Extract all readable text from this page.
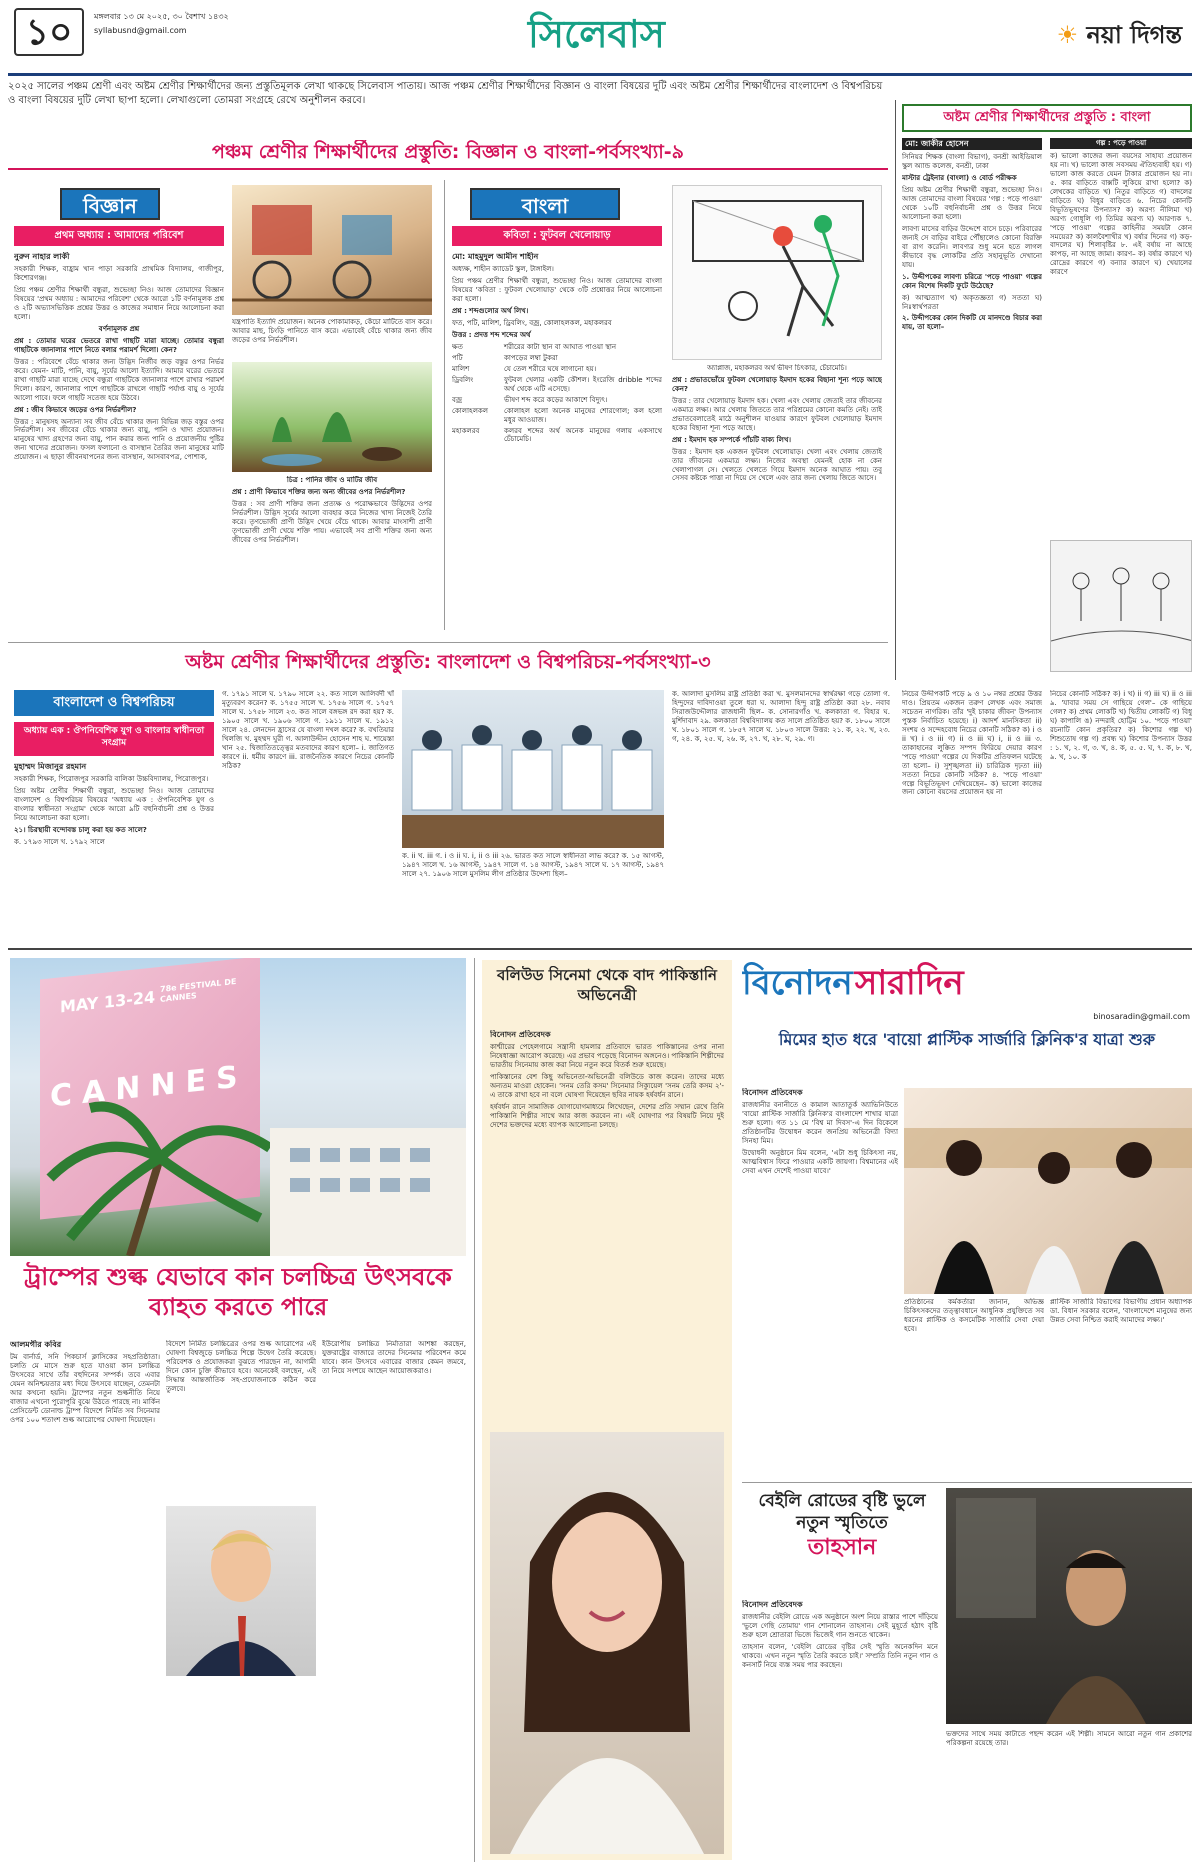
১০	মঙ্গলবার ১৩ মে ২০২৫, ৩০ বৈশাখ ১৪৩২
syllabusnd@gmail.com	সিলেবাস	☀ নয়া দিগন্ত
২০২৫ সালের পঞ্চম শ্রেণী এবং অষ্টম শ্রেণীর শিক্ষার্থীদের জন্য প্রস্তুতিমূলক লেখা থাকছে সিলেবাস পাতায়। আজ পঞ্চম শ্রেণীর শিক্ষার্থীদের বিজ্ঞান ও বাংলা বিষয়ের দুটি এবং অষ্টম শ্রেণীর শিক্ষার্থীদের বাংলাদেশ ও বিশ্বপরিচয় ও বাংলা বিষয়ের দুটি লেখা ছাপা হলো। লেখাগুলো তোমরা সংগ্রহে রেখে অনুশীলন করবে।
পঞ্চম শ্রেণীর শিক্ষার্থীদের প্রস্তুতি: বিজ্ঞান ও বাংলা-পর্বসংখ্যা-৯
বিজ্ঞান
প্রথম অধ্যায় : আমাদের পরিবেশ

নুরুন নাহার লাকী

সহকারী শিক্ষক, বাহ্রাম খান পাড়া সরকারি প্রাথমিক বিদ্যালয়, গাজীপুর, কিশোরগঞ্জ।

প্রিয় পঞ্চম শ্রেণীর শিক্ষার্থী বন্ধুরা, শুভেচ্ছা নিও। আজ তোমাদের বিজ্ঞান বিষয়ের 'প্রথম অধ্যায় : আমাদের পরিবেশ' থেকে আরো ১টি বর্ণনামূলক প্রশ্ন ও ২টি অভ্যাসভিত্তিক প্রশ্নের উত্তর ও কাজের সমাধান নিয়ে আলোচনা করা হলো।

বর্ণনামূলক প্রশ্ন

প্রশ্ন : তোমার ঘরের ভেতরে রাখা গাছটি মারা যাচ্ছে। তোমার বন্ধুরা গাছটিকে জানালার পাশে নিতে বলার পরামর্শ দিলো। কেন?

উত্তর : পরিবেশে বেঁচে থাকার জন্য উদ্ভিদ নির্জীব জড় বস্তুর ওপর নির্ভর করে। যেমন- মাটি, পানি, বায়ু, সূর্যের আলো ইত্যাদি। আমার ঘরের ভেতরে রাখা গাছটি মারা যাচ্ছে দেখে বন্ধুরা গাছটিকে জানালার পাশে রাখার পরামর্শ দিলো। কারণ, জানালার পাশে গাছটিকে রাখলে গাছটি পর্যাপ্ত বায়ু ও সূর্যের আলো পাবে। ফলে গাছটি সতেজ হয়ে উঠবে।

প্রশ্ন : জীব কিভাবে জড়ের ওপর নির্ভরশীল?

উত্তর : মানুষসহ অন্যান্য সব জীব বেঁচে থাকার জন্য বিভিন্ন জড় বস্তুর ওপর নির্ভরশীল। সব জীবের বেঁচে থাকার জন্য বায়ু, পানি ও খাদ্য প্রয়োজন। মানুষের খাদ্য গ্রহণের জন্য বায়ু, পান করার জন্য পানি ও প্রয়োজনীয় পুষ্টির জন্য খাদ্যের প্রয়োজন। ফসল ফলানো ও বাসস্থান তৈরির জন্য মানুষের মাটি প্রয়োজন। এ ছাড়া জীবনযাপনের জন্য বাসস্থান, আসবাবপত্র, পোশাক,

যন্ত্রপাতি ইত্যাদি প্রয়োজন। অনেক পোকামাকড়, কেঁচো মাটিতে বাস করে। আবার মাছ, চিংড়ি পানিতে বাস করে। এভাবেই বেঁচে থাকার জন্য জীব জড়ের ওপর নির্ভরশীল।

চিত্র : পানির জীব ও মাটির জীব

প্রশ্ন : প্রাণী কিভাবে শক্তির জন্য অন্য জীবের ওপর নির্ভরশীল?

উত্তর : সব প্রাণী শক্তির জন্য প্রত্যক্ষ ও পরোক্ষভাবে উদ্ভিদের ওপর নির্ভরশীল। উদ্ভিদ সূর্যের আলো ব্যবহার করে নিজের খাদ্য নিজেই তৈরি করে। তৃণভোজী প্রাণী উদ্ভিদ খেয়ে বেঁচে থাকে। আবার মাংসাশী প্রাণী তৃণভোজী প্রাণী খেয়ে শক্তি পায়। এভাবেই সব প্রাণী শক্তির জন্য অন্য জীবের ওপর নির্ভরশীল।

বাংলা
কবিতা : ফুটবল খেলোয়াড়

মো: মাহমুদুল আমীন শাহীন

অধ্যক্ষ, শাহীন ক্যাডেট স্কুল, টাঙ্গাইল।

প্রিয় পঞ্চম শ্রেণীর শিক্ষার্থী বন্ধুরা, শুভেচ্ছা নিও। আজ তোমাদের বাংলা বিষয়ের 'কবিতা : ফুটবল খেলোয়াড়' থেকে ৩টি প্রশ্নোত্তর নিয়ে আলোচনা করা হলো।

প্রশ্ন : শব্দগুলোর অর্থ লিখ।

ফত, পটি, মালিশ, ড্রিবলিং, বজ্র, কোলাহলকল, মহাকলরব

উত্তর : প্রদত্ত শব্দ শব্দের অর্থ

ক্ষত	শরীরের কাটা স্থান বা আঘাত পাওয়া স্থান
পটি	কাপড়ের লম্বা টুকরা
মালিশ	যে তেল শরীরে ঘষে লাগানো হয়।
ড্রিবলিং	ফুটবল খেলার একটি কৌশল। ইংরেজি dribble শব্দের অর্থ থেকে এটি এসেছে।
বজ্র	ভীষণ শব্দ করে কড়ের আকাশে বিদ্যুৎ।
কোলাহলকল	কোলাহল হলো অনেক মানুষের শোরগোল; কল হলো মধুর আওয়াজ।
মহাকলরব	কলরব শব্দের অর্থ অনেক মানুষের গলায় একসাথে চেঁচামেচি।

অ্যাপ্লাজ, মহাকলরব অর্থ ভীষণ চিৎকার, চেঁচামেচি।

প্রশ্ন : প্রভাতভোঁয়ে ফুটবল খেলোয়াড় ইমদাদ হকের বিছানা শূন্য পড়ে আছে কেন?

উত্তর : তার খেলোয়াড় ইমদাদ হক। খেলা এবং খেলায় জেতাই তার জীবনের একমাত্র লক্ষ্য। আর খেলায় জিততে তার পরিশ্রমের কোনো কমতি নেই। তাই প্রভাতবেলাতেই মাঠে অনুশীলন যাওয়ার কারণে ফুটবল খেলোয়াড় ইমদাদ হকের বিছানা শূন্য পড়ে আছে।

প্রশ্ন : ইমদাদ হক সম্পর্কে পাঁচটি বাক্য লিখ।

উত্তর : ইমদাদ হক একজন ফুটবল খেলোয়াড়। খেলা এবং খেলায় জেতাই তার জীবনের একমাত্র লক্ষ্য। নিজের অবস্থা যেমনই হোক না কেন খেলাপাগল সে। খেলতে খেলতে গিয়ে ইমদাদ অনেক আঘাত পায়। তবু সেসব কষ্টকে পাত্তা না দিয়ে সে খেলে এবং তার জন্য খেলায় জিতে আসে।

অষ্টম শ্রেণীর শিক্ষার্থীদের প্রস্তুতি : বাংলা

মো: জাকীর হোসেন

সিনিয়র শিক্ষক (বাংলা বিভাগ), বনশ্রী আইডিয়াল স্কুল অ্যান্ড কলেজ, বনশ্রী, ঢাকা

মাস্টার ট্রেইনার (বাংলা) ও বোর্ড পরীক্ষক

প্রিয় অষ্টম শ্রেণীর শিক্ষার্থী বন্ধুরা, শুভেচ্ছা নিও। আজ তোমাদের বাংলা বিষয়ের 'গল্প : পড়ে পাওয়া' থেকে ১০টি বহুনির্বাচনী প্রশ্ন ও উত্তর নিয়ে আলোচনা করা হলো।

লাবণ্য মাসের বাড়ির উদ্দেশে বাসে চড়ে। পরিবারের জন্যই সে বাড়ির বাইরে পৌঁছালেও কোনো বিরক্তি বা রাগ করেনি। লাবণ্যর শুধু মনে হতে লাগল কীভাবে বৃদ্ধ লোকটির প্রতি সহানুভূতি দেখানো যায়।

১. উদ্দীপকের লাবণ্য চরিত্রে 'পড়ে পাওয়া' গল্পের কোন বিশেষ দিকটি ফুটে উঠেছে?

ক) আত্মত্যাগ খ) অকৃতজ্ঞতা গ) সততা ঘ) নিঃস্বার্থপরতা

২. উদ্দীপকের কোন দিকটি যে মানদণ্ডে বিচার করা যায়, তা হলো–

গল্প : পড়ে পাওয়া

ক) ভালো কাজের জন্য বয়সের সাহায্য প্রয়োজন হয় না। খ) ভালো কাজ সবসময় ঐতিহ্যবাহী হয়। গ) ভালো কাজ করতে যেমন টাকার প্রয়োজন হয় না। ৫. কার বাড়িতে বাক্সটি লুকিয়ে রাখা হলো? ক) লেখকের বাড়িতে খ) নিতুর বাড়িতে গ) বাদলের বাড়িতে ঘ) বিধুর বাড়িতে ৬. নিচের কোনটি বিভূতিভূষণের উপন্যাস? ক) অরণ্য নীলিমা খ) অরণ্য গোধূলি গ) তিমির অরণ্য ঘ) আরণ্যক ৭. 'পড়ে পাওয়া' গল্পের কাহিনীর সময়টা কোন সময়ের? ক) কালবৈশাখীর খ) বর্ষার দিনের গ) কড়-বাদলের ঘ) শিলাবৃষ্টির ৮. এই বর্ষায় না আছে কাপড়, না আছে জামা। কারণ– ক) বর্ষার কারণে খ) রোদ্রের কারণে গ) বন্যার কারণে ঘ) খেয়ালের কারণে

অষ্টম শ্রেণীর শিক্ষার্থীদের প্রস্তুতি: বাংলাদেশ ও বিশ্বপরিচয়-পর্বসংখ্যা-৩
বাংলাদেশ ও বিশ্বপরিচয়
অধ্যায় এক : ঔপনিবেশিক যুগ ও বাংলার স্বাধীনতা সংগ্রাম

মুহাম্মদ মিজানুর রহমান

সহকারী শিক্ষক, পিরোজপুর সরকারি বালিকা উচ্চবিদ্যালয়, পিরোজপুর।

প্রিয় অষ্টম শ্রেণীর শিক্ষার্থী বন্ধুরা, শুভেচ্ছা নিও। আজ তোমাদের বাংলাদেশ ও বিশ্বপরিচয় বিষয়ের 'অধ্যায় এক : ঔপনিবেশিক যুগ ও বাংলার স্বাধীনতা সংগ্রাম' থেকে আরো ৯টি বহুনির্বাচনী প্রশ্ন ও উত্তর নিয়ে আলোচনা করা হলো।

২১। চিরস্থায়ী বন্দোবস্ত চালু করা হয় কত সালে?

ক. ১৭৯৩ সালে খ. ১৭৯২ সালে

গ. ১৭৯১ সালে ঘ. ১৭৯০ সালে ২২. কত সালে আলিবর্দী খাঁ মৃত্যুবরণ করেন? ক. ১৭৫৫ সালে খ. ১৭৫৬ সালে গ. ১৭৫৭ সালে ঘ. ১৭৫৮ সালে ২৩. কত সালে বঙ্গভঙ্গ রদ করা হয়? ক. ১৯০৫ সালে খ. ১৯০৬ সালে গ. ১৯১১ সালে ঘ. ১৯১২ সালে ২৪. লেনদেন হ্রাসের যে বাংলা দখল করে? ক. বখতিয়ার খিলজি খ. মুহম্মদ ঘুরী গ. আলাউদ্দীন হোসেন শাহ ঘ. শায়েস্তা খান ২৫. দ্বিজাতিতত্ত্বের মতবাদের কারণ হলো– i. জাতিগত কারণে ii. ধর্মীয় কারণে iii. রাজনৈতিক কারণে নিচের কোনটি সঠিক?
ক. ii খ. iii গ. i ও ii ঘ. i, ii ও iii ২৬. ভারত কত সালে স্বাধীনতা লাভ করে? ক. ১৫ আগস্ট, ১৯৪৭ সালে খ. ১৬ আগস্ট, ১৯৪৭ সালে গ. ১৪ আগস্ট, ১৯৪৭ সালে ঘ. ১৭ আগস্ট, ১৯৪৭ সালে ২৭. ১৯০৬ সালে মুসলিম লীগ প্রতিষ্ঠার উদ্দেশ্য ছিল–
ক. আলাদা মুসলিম রাষ্ট্র প্রতিষ্ঠা করা খ. মুসলমানদের স্বার্থরক্ষা গড়ে তোলা গ. হিন্দুদের দাবিদাওয়া তুলে ধরা ঘ. আলাদা হিন্দু রাষ্ট্র প্রতিষ্ঠা করা ২৮. নবাব সিরাজউদ্দৌলার রাজধানী ছিল– ক. সোনারগাঁও খ. কলকাতা গ. বিহার ঘ. মুর্শিদাবাদ ২৯. কলকাতা বিশ্ববিদ্যালয় কত সালে প্রতিষ্ঠিত হয়? ক. ১৮০০ সালে খ. ১৮০১ সালে গ. ১৮৫৭ সালে ঘ. ১৮০৩ সালে উত্তর: ২১. ক, ২২. খ, ২৩. গ, ২৪. ক, ২৫. ঘ, ২৬. ক, ২৭. খ, ২৮. ঘ, ২৯. গ।
নিচের উদ্দীপকটি পড়ে ৯ ও ১০ নম্বর প্রশ্নের উত্তর দাও। প্রিয়তম একজন তরুণ লেখক এবং সমাজ সচেতন নাগরিক। তাঁর 'দুই চাকার জীবন' উপন্যাস পুস্তক নির্বাচিত হয়েছে। i) আদর্শ মানসিকতা ii) সংশয় ও সন্দেহবোধ নিচের কোনটি সঠিক? ক) i ও ii খ) i ও iii গ) ii ও iii ঘ) i, ii ও iii ৩. তাকাহানের লুক্কিত সম্পদ ফিরিয়ে দেয়ার কারণ 'পড়ে পাওয়া' গল্পের যে দিকটির প্রতিফলন ঘটেছে তা হলো– i) সুশৃঙ্খলতা ii) চারিত্রিক দৃঢ়তা iii) সততা নিচের কোনটি সঠিক? ৪. 'পড়ে পাওয়া' গল্পে বিভূতিভূষণ দেখিয়েছেন– ক) ভালো কাজের জন্য কোনো বয়সের প্রয়োজন হয় না
নিচের কোনটি সঠিক? ক) i খ) ii গ) iii ঘ) ii ও iii ৯. 'যাবার সময় সে গাছিয়ে গেল'– কে গাছিয়ে গেল? ক) প্রথম লোকটি খ) দ্বিতীয় লোকটি গ) বিধু ঘ) কাপালি ঙ) নন্দরাই হোট্টিম ১০. 'পড়ে পাওয়া' রচনাটি কোন প্রকৃতির? ক) কিশোর গল্প খ) শিশুতোষ গল্প গ) প্রবন্ধ ঘ) কিশোর উপন্যাস উত্তর : ১. খ, ২. গ, ৩. খ, ৪. ক, ৫. ৫. ঘ, ৭. ক, ৮. খ, ৯. খ, ১০. ক
MAY 13-24
78e FESTIVAL DE CANNES
CANNES
ট্রাম্পের শুল্ক যেভাবে কান চলচ্চিত্র উৎসবকে ব্যাহত করতে পারে

আলমগীর কবির

টম বার্নার্ড, সনি পিকচার্স ক্লাসিকের সহপ্রতিষ্ঠাতা। চলতি মে মাসে শুরু হতে যাওয়া কান চলচ্চিত্র উৎসবের সাথে তাঁর বহুদিনের সম্পর্ক। তবে এবার যেমন অনিশ্চয়তার মধ্য দিয়ে উৎসবে যাচ্ছেন, তেমনটা আর কখনো হয়নি। ট্রাম্পের নতুন শুল্কনীতি নিয়ে বাজার এখনো পুরোপুরি বুঝে উঠতে পারছে না। মার্কিন প্রেসিডেন্ট ডোনাল্ড ট্রাম্প বিদেশে নির্মিত সব সিনেমার ওপর ১০০ শতাংশ শুল্ক আরোপের ঘোষণা দিয়েছেন।

বিদেশে নির্মিত চলচ্চিত্রের ওপর শুল্ক আরোপের এই ঘোষণা বিশ্বজুড়ে চলচ্চিত্র শিল্পে উদ্বেগ তৈরি করেছে। পরিবেশক ও প্রযোজকরা বুঝতে পারছেন না, আগামী দিনে কোন চুক্তি কীভাবে হবে। অনেকেই বলছেন, এই সিদ্ধান্ত আন্তর্জাতিক সহ-প্রযোজনাকে কঠিন করে তুলবে।
ইউরোপীয় চলচ্চিত্র নির্মাতারা আশঙ্কা করছেন, যুক্তরাষ্ট্রের বাজারে তাদের সিনেমার পরিবেশন কমে যাবে। কান উৎসবে এবারের বাজার কেমন জমবে, তা নিয়ে সংশয়ে আছেন আয়োজকরাও।
বলিউড সিনেমা থেকে বাদ পাকিস্তানি অভিনেত্রী

বিনোদন প্রতিবেদক

কাশ্মীরের পেহেলগামে সন্ত্রাসী হামলার প্রতিবাদে ভারত পাকিস্তানের ওপর নানা নিষেধাজ্ঞা আরোপ করেছে। এর প্রভাব পড়েছে বিনোদন অঙ্গনেও। পাকিস্তানি শিল্পীদের ভারতীয় সিনেমায় কাজ করা নিয়ে নতুন করে বিতর্ক শুরু হয়েছে।

পাকিস্তানের বেশ কিছু অভিনেতা-অভিনেত্রী বলিউডে কাজ করেন। তাদের মধ্যে অন্যতম মাওরা হোকেন। 'সনম তেরি কসম' সিনেমার সিক্যুয়েল 'সনম তেরি কসম ২'-এ তাকে রাখা হবে না বলে ঘোষণা দিয়েছেন ছবির নায়ক হর্ষবর্ধন রানে।

হর্ষবর্ধন রানে সামাজিক যোগাযোগমাধ্যমে লিখেছেন, দেশের প্রতি সম্মান রেখে তিনি পাকিস্তানি শিল্পীর সাথে আর কাজ করবেন না। এই ঘোষণার পর বিষয়টি নিয়ে দুই দেশের ভক্তদের মধ্যে ব্যাপক আলোচনা চলছে।

বিনোদন সারাদিন
binosaradin@gmail.com
মিমের হাত ধরে 'বায়ো প্লাস্টিক সার্জারি ক্লিনিক'র যাত্রা শুরু

বিনোদন প্রতিবেদক

রাজধানীর বনানীতে ও কামাল আতাতুর্ক অ্যাভিনিউতে 'বায়ো প্লাস্টিক সার্জারি ক্লিনিক'র বাংলাদেশ শাখার যাত্রা শুরু হলো। গত ১১ মে 'বিশ্ব মা দিবস'-এ দিন বিকেলে প্রতিষ্ঠানটির উদ্বোধন করেন জনপ্রিয় অভিনেত্রী বিদ্যা সিনহা মিম।

উদ্বোধনী অনুষ্ঠানে মিম বলেন, 'এটা শুধু চিকিৎসা নয়, আত্মবিশ্বাস ফিরে পাওয়ার একটি জায়গা। বিশ্বমানের এই সেবা এখন দেশেই পাওয়া যাবে।'

প্রতিষ্ঠানের কর্মকর্তারা জানান, অভিজ্ঞ চিকিৎসকদের তত্ত্বাবধানে আধুনিক প্রযুক্তিতে সব ধরনের প্লাস্টিক ও কসমেটিক সার্জারি সেবা দেয়া হবে।
প্লাস্টিক সার্জারি বিভাগের বিভাগীয় প্রধান অধ্যাপক ডা. বিধান সরকার বলেন, 'বাংলাদেশে মানুষের জন্য উন্নত সেবা নিশ্চিত করাই আমাদের লক্ষ্য।'
বেইলি রোডের বৃষ্টি ভুলে নতুন স্মৃতিতে
তাহসান

বিনোদন প্রতিবেদক

রাজধানীর বেইলি রোডে এক অনুষ্ঠানে অংশ নিয়ে রাস্তার পাশে দাঁড়িয়ে 'ভুলে গেছি তোমায়' গান শোনালেন তাহসান। সেই মুহূর্তে হঠাৎ বৃষ্টি শুরু হলে শ্রোতারা ভিজে ভিজেই গান শুনতে থাকেন।

তাহসান বলেন, 'বেইলি রোডের বৃষ্টির সেই স্মৃতি অনেকদিন মনে থাকবে। এখন নতুন স্মৃতি তৈরি করতে চাই।' সম্প্রতি তিনি নতুন গান ও কনসার্ট নিয়ে ব্যস্ত সময় পার করছেন।

ভক্তদের সাথে সময় কাটাতে পছন্দ করেন এই শিল্পী। সামনে আরো নতুন গান প্রকাশের পরিকল্পনা রয়েছে তার।
